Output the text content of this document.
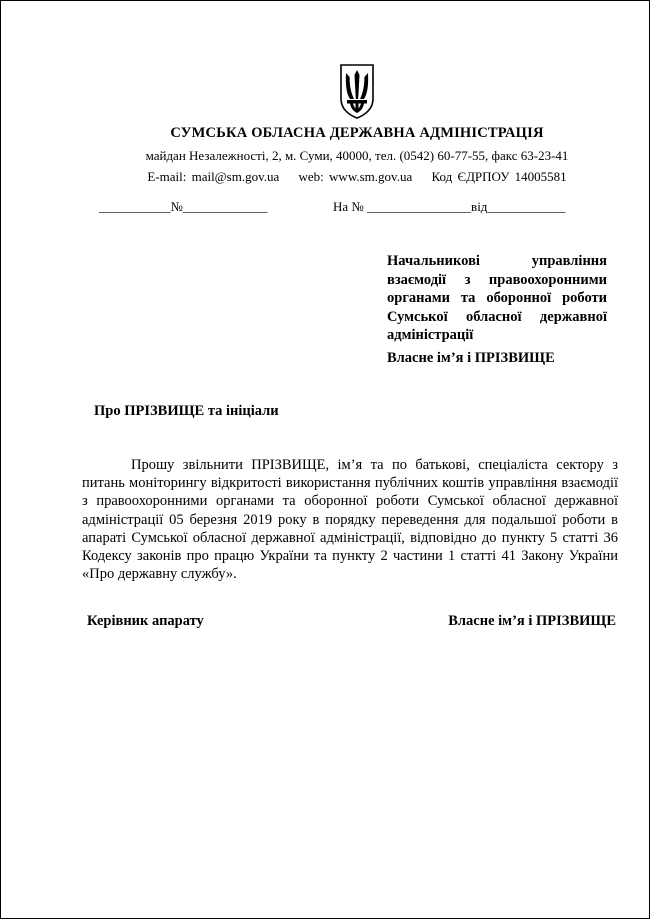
СУМСЬКА ОБЛАСНА ДЕРЖАВНА АДМІНІСТРАЦІЯ
майдан Незалежності, 2, м. Суми, 40000, тел. (0542) 60-77-55, факс 63-23-41
E-mail: mail@sm.gov.ua web: www.sm.gov.ua Код ЄДРПОУ 14005581
___________№_____________	На № ________________від____________
Начальникові управління взаємодії з правоохоронними органами та оборонної роботи Сумської обласної державної адміністрації
Власне ім’я і ПРІЗВИЩЕ
Про ПРІЗВИЩЕ та ініціали

Прошу звільнити ПРІЗВИЩЕ, ім’я та по батькові, спеціаліста сектору з питань моніторингу відкритості використання публічних коштів управління взаємодії з правоохоронними органами та оборонної роботи Сумської обласної державної адміністрації 05 березня 2019 року в порядку переведення для подальшої роботи в апараті Сумської обласної державної адміністрації, відповідно до пункту 5 статті 36 Кодексу законів про працю України та пункту 2 частини 1 статті 41 Закону України «Про державну службу».

Керівник апарату	Власне ім’я і ПРІЗВИЩЕ
